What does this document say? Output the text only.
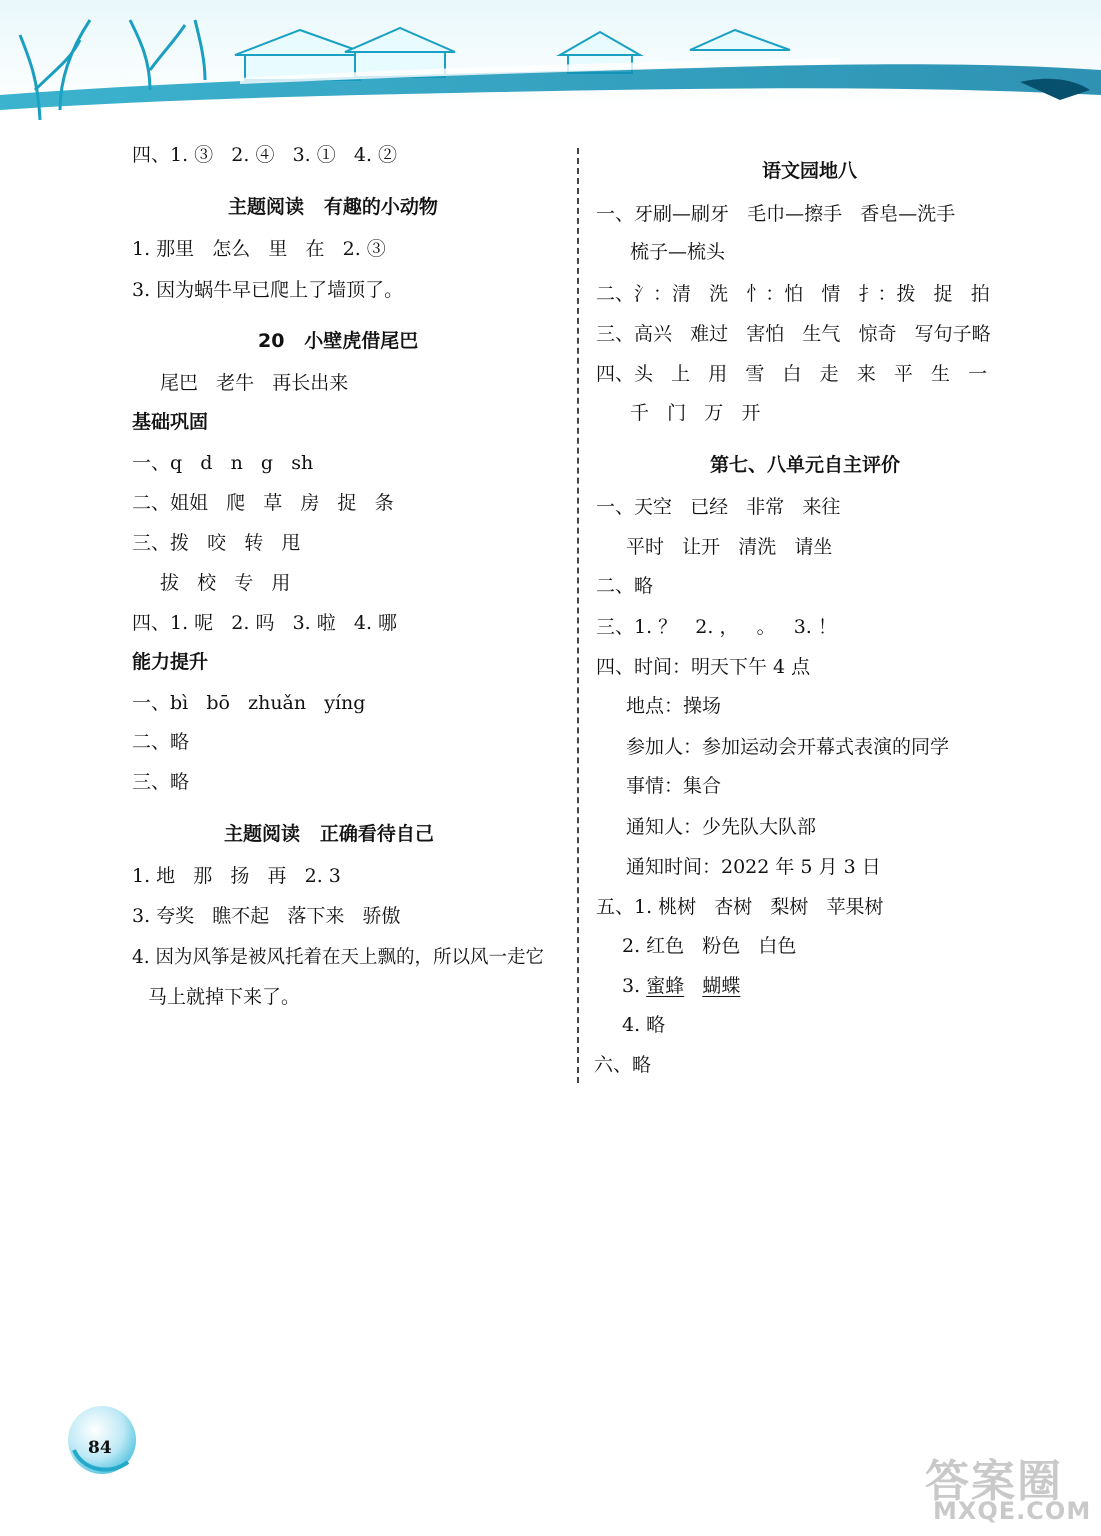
四、1. ③   2. ④   3. ①   4. ②
主题阅读   有趣的小动物
1. 那里   怎么   里   在   2. ③
3. 因为蜗牛早已爬上了墙顶了。
20   小壁虎借尾巴
尾巴   老牛   再长出来
基础巩固
一、q   d   n   g   sh
二、姐姐   爬   草   房   捉   条
三、拨   咬   转   甩
拔   校   专   用
四、1. 呢   2. 吗   3. 啦   4. 哪
能力提升
一、bì   bō   zhuǎn   yíng
二、略
三、略
主题阅读   正确看待自己
1. 地   那   扬   再   2. 3
3. 夸奖   瞧不起   落下来   骄傲
4. 因为风筝是被风托着在天上飘的，所以风一走它
马上就掉下来了。
语文园地八
一、牙刷—刷牙   毛巾—擦手   香皂—洗手
梳子—梳头
二、氵：清   洗   忄：怕   情   扌：拨   捉   拍
三、高兴   难过   害怕   生气   惊奇   写句子略
四、头   上   用   雪   白   走   来   平   生   一
千   门   万   开
第七、八单元自主评价
一、天空   已经   非常   来往
平时   让开   清洗   请坐
二、略
三、1. ？   2. ，   。   3. ！
四、时间：明天下午 4 点
地点：操场
参加人：参加运动会开幕式表演的同学
事情：集合
通知人：少先队大队部
通知时间：2022 年 5 月 3 日
五、1. 桃树   杏树   梨树   苹果树
2. 红色   粉色   白色
3. 蜜蜂 蝴蝶
4. 略
六、略
84
答案圈
MXQE.COM
